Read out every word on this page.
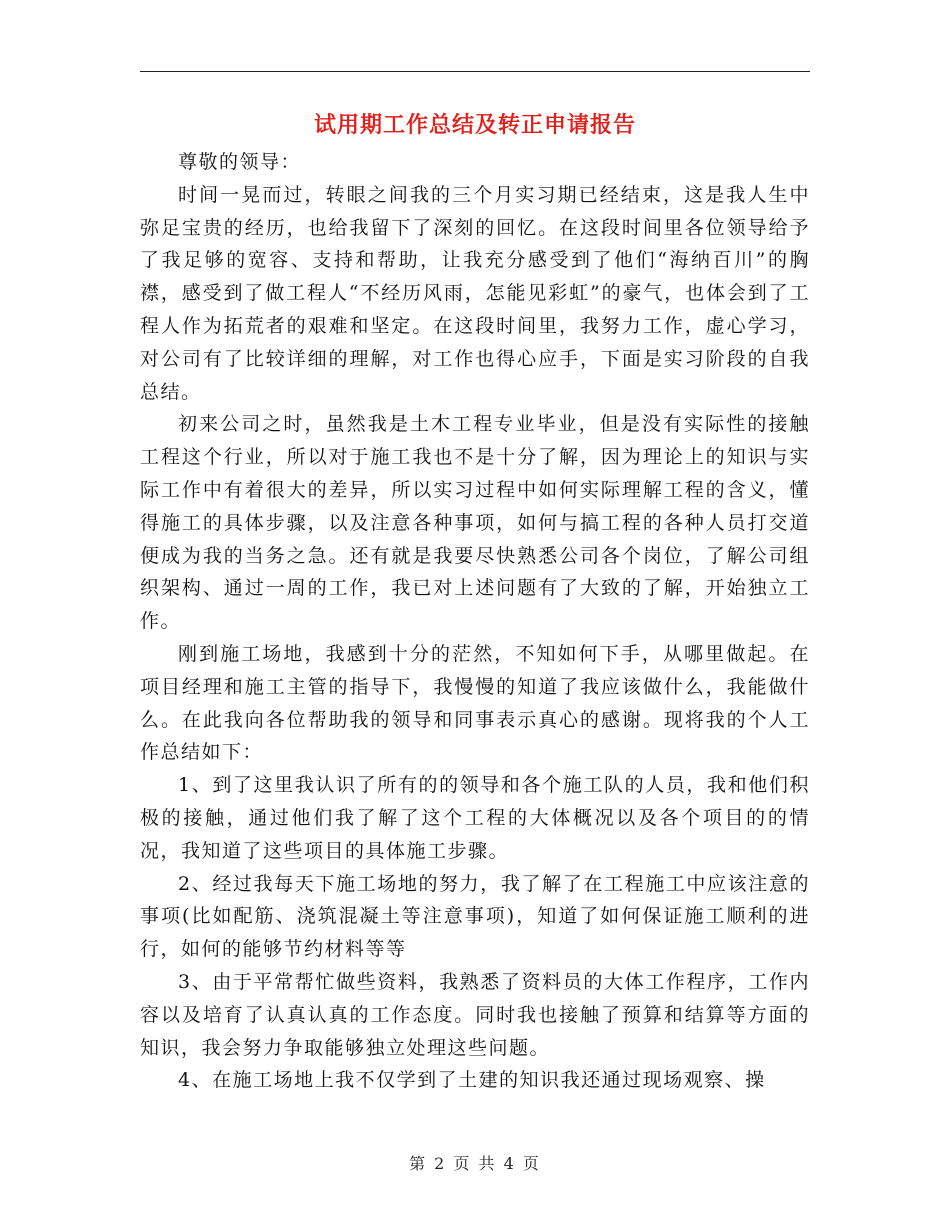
试用期工作总结及转正申请报告

尊敬的领导：

时间一晃而过，转眼之间我的三个月实习期已经结束，这是我人生中弥足宝贵的经历，也给我留下了深刻的回忆。在这段时间里各位领导给予了我足够的宽容、支持和帮助，让我充分感受到了他们“海纳百川”的胸襟，感受到了做工程人“不经历风雨，怎能见彩虹”的豪气，也体会到了工程人作为拓荒者的艰难和坚定。在这段时间里，我努力工作，虚心学习，对公司有了比较详细的理解，对工作也得心应手，下面是实习阶段的自我总结。

初来公司之时，虽然我是土木工程专业毕业，但是没有实际性的接触工程这个行业，所以对于施工我也不是十分了解，因为理论上的知识与实际工作中有着很大的差异，所以实习过程中如何实际理解工程的含义，懂得施工的具体步骤，以及注意各种事项，如何与搞工程的各种人员打交道便成为我的当务之急。还有就是我要尽快熟悉公司各个岗位，了解公司组织架构、通过一周的工作，我已对上述问题有了大致的了解，开始独立工作。

刚到施工场地，我感到十分的茫然，不知如何下手，从哪里做起。在项目经理和施工主管的指导下，我慢慢的知道了我应该做什么，我能做什么。在此我向各位帮助我的领导和同事表示真心的感谢。现将我的个人工作总结如下：

1、到了这里我认识了所有的的领导和各个施工队的人员，我和他们积极的接触，通过他们我了解了这个工程的大体概况以及各个项目的的情况，我知道了这些项目的具体施工步骤。

2、经过我每天下施工场地的努力，我了解了在工程施工中应该注意的事项(比如配筋、浇筑混凝土等注意事项)，知道了如何保证施工顺利的进行，如何的能够节约材料等等

3、由于平常帮忙做些资料，我熟悉了资料员的大体工作程序，工作内容以及培育了认真认真的工作态度。同时我也接触了预算和结算等方面的知识，我会努力争取能够独立处理这些问题。

4、在施工场地上我不仅学到了土建的知识我还通过现场观察、操

第 2 页 共 4 页
